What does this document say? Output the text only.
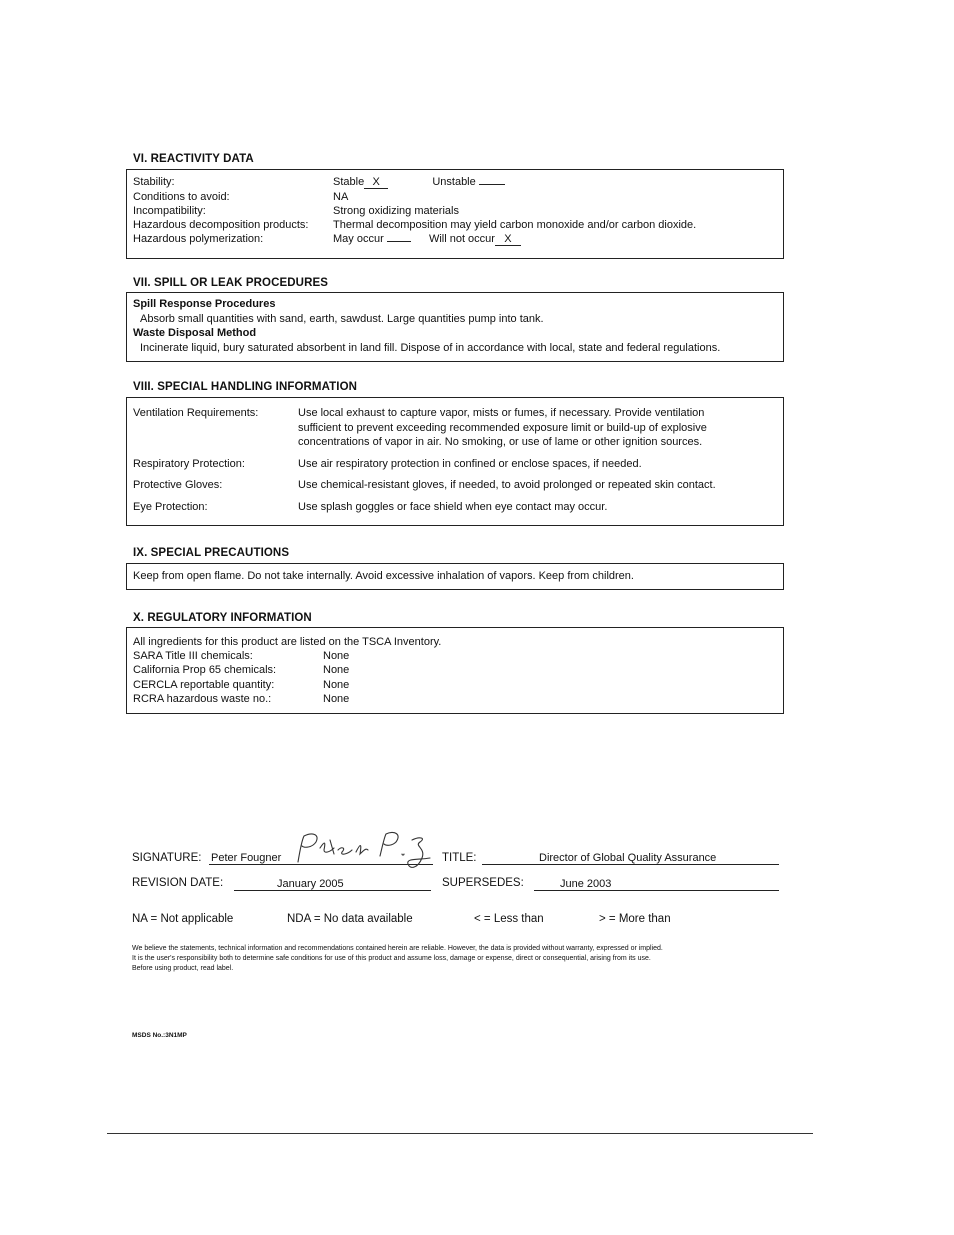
VI. REACTIVITY DATA
Stability:	Stable X	Unstable
Conditions to avoid:	NA
Incompatibility:	Strong oxidizing materials
Hazardous decomposition products: Thermal decomposition may yield carbon monoxide and/or carbon dioxide.
Hazardous polymerization:	May occur	Will not occur X
VII. SPILL OR LEAK PROCEDURES
Spill Response Procedures
Absorb small quantities with sand, earth, sawdust. Large quantities pump into tank.
Waste Disposal Method
Incinerate liquid, bury saturated absorbent in land fill. Dispose of in accordance with local, state and federal regulations.
VIII. SPECIAL HANDLING INFORMATION
Ventilation Requirements:	Use local exhaust to capture vapor, mists or fumes, if necessary. Provide ventilation
sufficient to prevent exceeding recommended exposure limit or build-up of explosive
concentrations of vapor in air. No smoking, or use of lame or other ignition sources.
Respiratory Protection:	Use air respiratory protection in confined or enclose spaces, if needed.
Protective Gloves:	Use chemical-resistant gloves, if needed, to avoid prolonged or repeated skin contact.
Eye Protection:	Use splash goggles or face shield when eye contact may occur.
IX. SPECIAL PRECAUTIONS
Keep from open flame. Do not take internally. Avoid excessive inhalation of vapors. Keep from children.
X. REGULATORY INFORMATION
All ingredients for this product are listed on the TSCA Inventory.
SARA Title III chemicals:	None
California Prop 65 chemicals:	None
CERCLA reportable quantity:	None
RCRA hazardous waste no.:	None
SIGNATURE: Peter Fougner	TITLE:	Director of Global Quality Assurance
REVISION DATE:	January 2005	SUPERSEDES:	June 2003
NA = Not applicable	NDA = No data available	< = Less than	> = More than
We believe the statements, technical information and recommendations contained herein are reliable. However, the data is provided without warranty, expressed or implied.
It is the user's responsibility both to determine safe conditions for use of this product and assume loss, damage or expense, direct or consequential, arising from its use.
Before using product, read label.
MSDS No.:3N1MP
